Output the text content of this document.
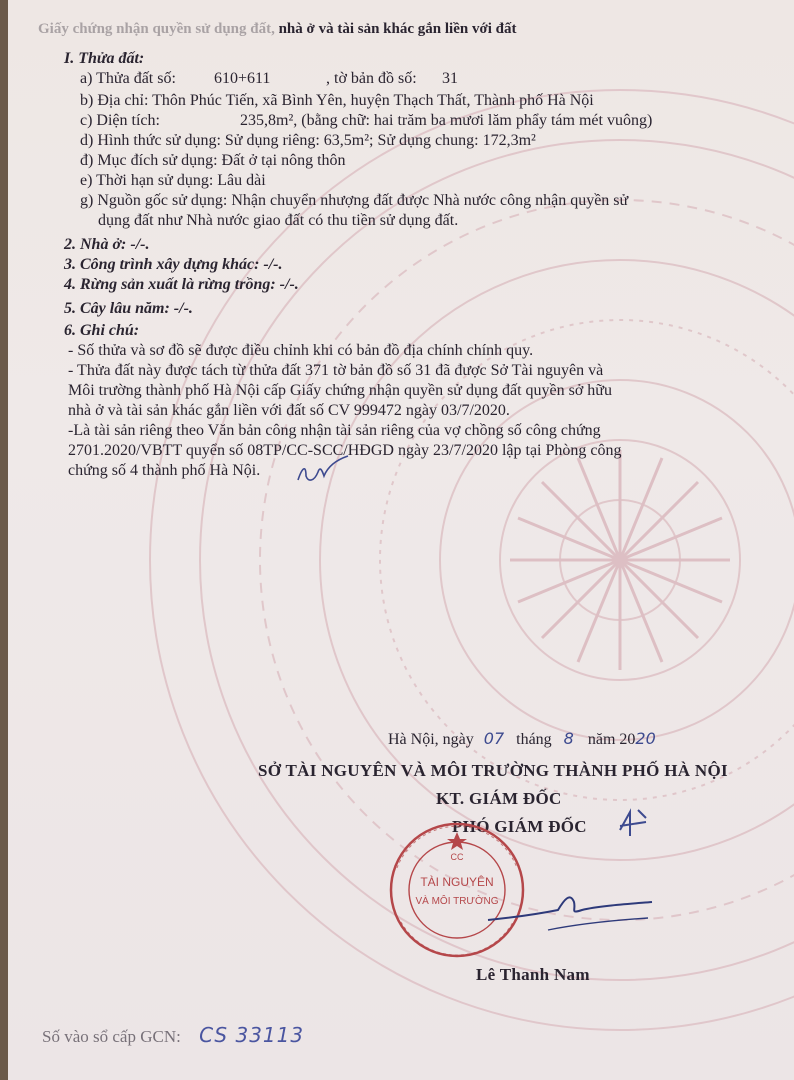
Giấy chứng nhận quyền sử dụng đất, nhà ở và tài sản khác gắn liền với đất
I. Thửa đất:
a) Thửa đất số: 610+611	, tờ bản đồ số: 31
b) Địa chỉ: Thôn Phúc Tiến, xã Bình Yên, huyện Thạch Thất, Thành phố Hà Nội
c) Diện tích:	235,8m², (bằng chữ: hai trăm ba mươi lăm phẩy tám mét vuông)
d) Hình thức sử dụng: Sử dụng riêng: 63,5m²; Sử dụng chung: 172,3m²
đ) Mục đích sử dụng: Đất ở tại nông thôn
e) Thời hạn sử dụng: Lâu dài
g) Nguồn gốc sử dụng: Nhận chuyển nhượng đất được Nhà nước công nhận quyền sử
dụng đất như Nhà nước giao đất có thu tiền sử dụng đất.
2. Nhà ở: -/-.
3. Công trình xây dựng khác: -/-.
4. Rừng sản xuất là rừng trồng: -/-.
5. Cây lâu năm: -/-.
6. Ghi chú:
- Số thửa và sơ đồ sẽ được điều chỉnh khi có bản đồ địa chính chính quy.
- Thửa đất này được tách từ thửa đất 371 tờ bản đồ số 31 đã được Sở Tài nguyên và
Môi trường thành phố Hà Nội cấp Giấy chứng nhận quyền sử dụng đất quyền sở hữu
nhà ở và tài sản khác gắn liền với đất số CV 999472 ngày 03/7/2020.
-Là tài sản riêng theo Văn bản công nhận tài sản riêng của vợ chồng số công chứng
2701.2020/VBTT quyển số 08TP/CC-SCC/HĐGD ngày 23/7/2020 lập tại Phòng công
chứng số 4 thành phố Hà Nội.
Hà Nội, ngày 07 tháng 8 năm 2020
SỞ TÀI NGUYÊN VÀ MÔI TRƯỜNG THÀNH PHỐ HÀ NỘI
KT. GIÁM ĐỐC
PHÓ GIÁM ĐỐC
CC
TÀI NGUYÊN
VÀ MÔI TRƯỜNG
Lê Thanh Nam
Số vào sổ cấp GCN: CS 33113
